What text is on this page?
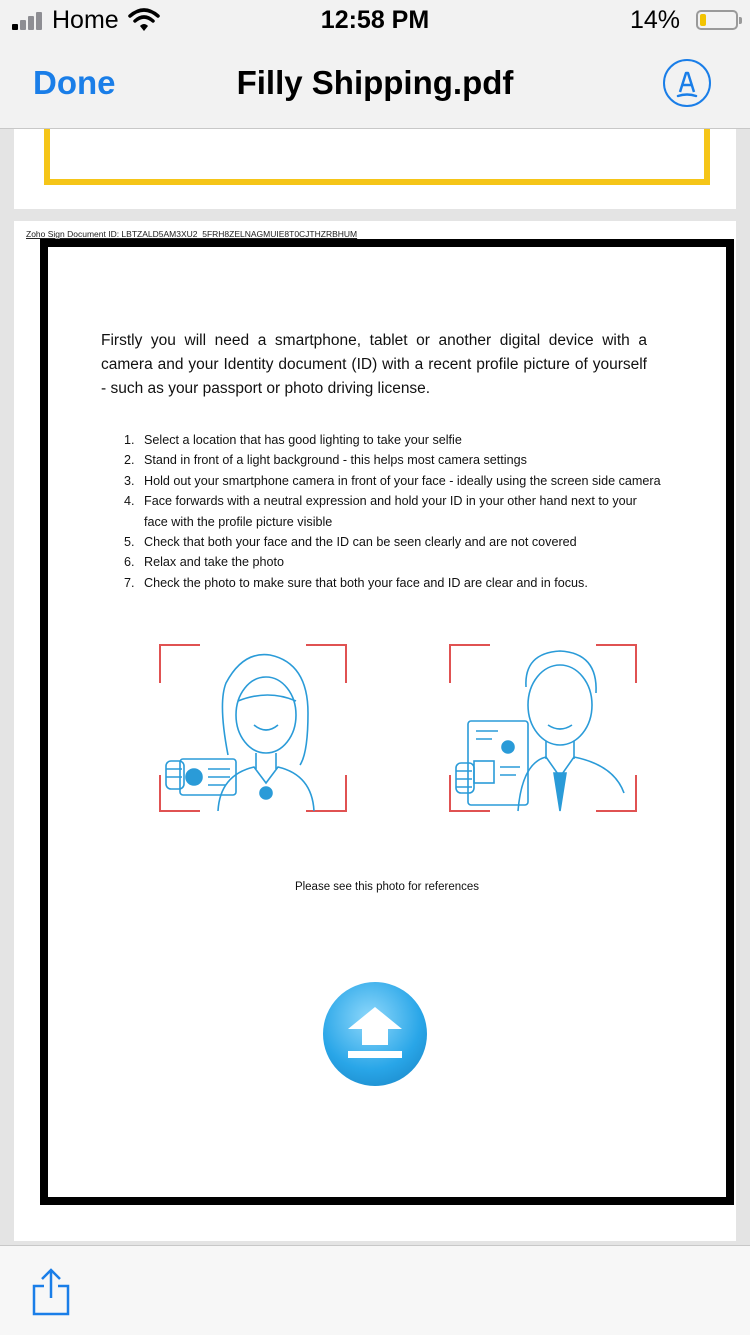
Home	12:58 PM	14%
Done	Filly Shipping.pdf
Zoho Sign Document ID: LBTZALD5AM3XU2_5FRH8ZELNAGMUIE8T0CJTHZRBHUM

Firstly you will need a smartphone, tablet or another digital device with a camera and your Identity document (ID) with a recent profile picture of yourself - such as your passport or photo driving license.

1. Select a location that has good lighting to take your selfie
2. Stand in front of a light background - this helps most camera settings
3. Hold out your smartphone camera in front of your face - ideally using the screen side camera
4. Face forwards with a neutral expression and hold your ID in your other hand next to your face with the profile picture visible
5. Check that both your face and the ID can be seen clearly and are not covered
6. Relax and take the photo
7. Check the photo to make sure that both your face and ID are clear and in focus.
Please see this photo for references
